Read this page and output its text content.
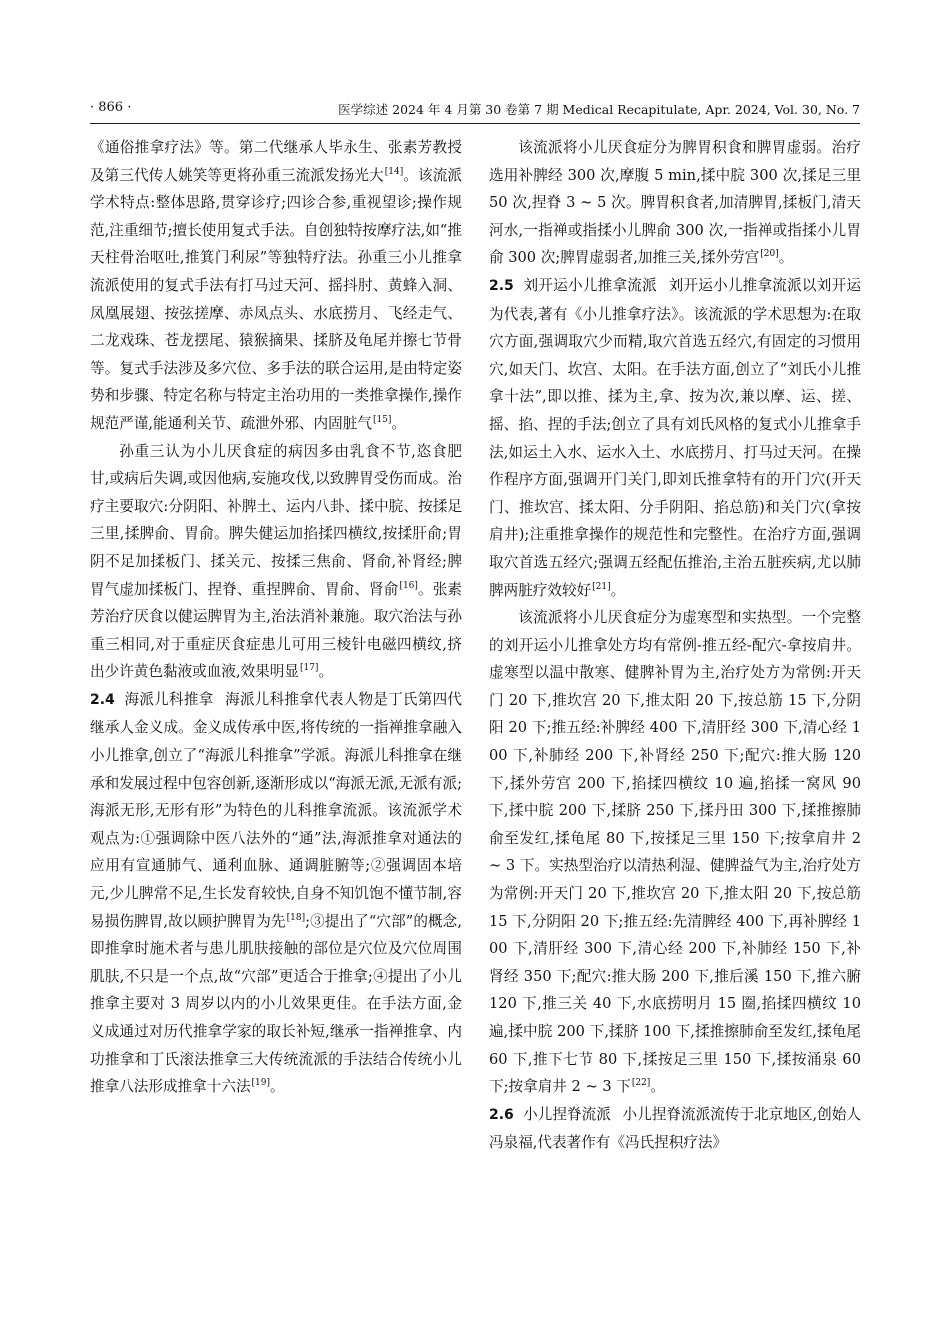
· 866 ·	医学综述 2024 年 4 月第 30 卷第 7 期 Medical Recapitulate, Apr. 2024, Vol. 30, No. 7

《通俗推拿疗法》等。第二代继承人毕永生、张素芳教授及第三代传人姚笑等更将孙重三流派发扬光大[14]。该流派学术特点:整体思路,贯穿诊疗;四诊合参,重视望诊;操作规范,注重细节;擅长使用复式手法。自创独特按摩疗法,如“推天柱骨治呕吐,推箕门利尿”等独特疗法。孙重三小儿推拿流派使用的复式手法有打马过天河、摇抖肘、黄蜂入洞、凤凰展翅、按弦搓摩、赤凤点头、水底捞月、飞经走气、二龙戏珠、苍龙摆尾、猿猴摘果、揉脐及龟尾并擦七节骨等。复式手法涉及多穴位、多手法的联合运用,是由特定姿势和步骤、特定名称与特定主治功用的一类推拿操作,操作规范严谨,能通利关节、疏泄外邪、内固脏气[15]。

孙重三认为小儿厌食症的病因多由乳食不节,恣食肥甘,或病后失调,或因他病,妄施攻伐,以致脾胃受伤而成。治疗主要取穴:分阴阳、补脾土、运内八卦、揉中脘、按揉足三里,揉脾俞、胃俞。脾失健运加掐揉四横纹,按揉肝俞;胃阴不足加揉板门、揉关元、按揉三焦俞、肾俞,补肾经;脾胃气虚加揉板门、捏脊、重捏脾俞、胃俞、肾俞[16]。张素芳治疗厌食以健运脾胃为主,治法消补兼施。取穴治法与孙重三相同,对于重症厌食症患儿可用三棱针电磁四横纹,挤出少许黄色黏液或血液,效果明显[17]。

2.4 海派儿科推拿 海派儿科推拿代表人物是丁氏第四代继承人金义成。金义成传承中医,将传统的一指禅推拿融入小儿推拿,创立了“海派儿科推拿”学派。海派儿科推拿在继承和发展过程中包容创新,逐渐形成以“海派无派,无派有派;海派无形,无形有形”为特色的儿科推拿流派。该流派学术观点为:①强调除中医八法外的“通”法,海派推拿对通法的应用有宣通肺气、通利血脉、通调脏腑等;②强调固本培元,少儿脾常不足,生长发育较快,自身不知饥饱不懂节制,容易损伤脾胃,故以顾护脾胃为先[18];③提出了“穴部”的概念,即推拿时施术者与患儿肌肤接触的部位是穴位及穴位周围肌肤,不只是一个点,故“穴部”更适合于推拿;④提出了小儿推拿主要对 3 周岁以内的小儿效果更佳。在手法方面,金义成通过对历代推拿学家的取长补短,继承一指禅推拿、内功推拿和丁氏滚法推拿三大传统流派的手法结合传统小儿推拿八法形成推拿十六法[19]。

该流派将小儿厌食症分为脾胃积食和脾胃虚弱。治疗选用补脾经 300 次,摩腹 5 min,揉中脘 300 次,揉足三里 50 次,捏脊 3 ~ 5 次。脾胃积食者,加清脾胃,揉板门,清天河水,一指禅或指揉小儿脾俞 300 次,一指禅或指揉小儿胃俞 300 次;脾胃虚弱者,加推三关,揉外劳宫[20]。

2.5 刘开运小儿推拿流派 刘开运小儿推拿流派以刘开运为代表,著有《小儿推拿疗法》。该流派的学术思想为:在取穴方面,强调取穴少而精,取穴首选五经穴,有固定的习惯用穴,如天门、坎宫、太阳。在手法方面,创立了“刘氏小儿推拿十法”,即以推、揉为主,拿、按为次,兼以摩、运、搓、摇、掐、捏的手法;创立了具有刘氏风格的复式小儿推拿手法,如运土入水、运水入土、水底捞月、打马过天河。在操作程序方面,强调开门关门,即刘氏推拿特有的开门穴(开天门、推坎宫、揉太阳、分手阴阳、掐总筋)和关门穴(拿按肩井);注重推拿操作的规范性和完整性。在治疗方面,强调取穴首选五经穴;强调五经配伍推治,主治五脏疾病,尤以肺脾两脏疗效较好[21]。

该流派将小儿厌食症分为虚寒型和实热型。一个完整的刘开运小儿推拿处方均有常例-推五经-配穴-拿按肩井。虚寒型以温中散寒、健脾补胃为主,治疗处方为常例:开天门 20 下,推坎宫 20 下,推太阳 20 下,按总筋 15 下,分阴阳 20 下;推五经:补脾经 400 下,清肝经 300 下,清心经 100 下,补肺经 200 下,补肾经 250 下;配穴:推大肠 120 下,揉外劳宫 200 下,掐揉四横纹 10 遍,掐揉一窝风 90 下,揉中脘 200 下,揉脐 250 下,揉丹田 300 下,揉推擦肺俞至发红,揉龟尾 80 下,按揉足三里 150 下;按拿肩井 2 ~ 3 下。实热型治疗以清热利湿、健脾益气为主,治疗处方为常例:开天门 20 下,推坎宫 20 下,推太阳 20 下,按总筋 15 下,分阴阳 20 下;推五经:先清脾经 400 下,再补脾经 100 下,清肝经 300 下,清心经 200 下,补肺经 150 下,补肾经 350 下;配穴:推大肠 200 下,推后溪 150 下,推六腑 120 下,推三关 40 下,水底捞明月 15 圈,掐揉四横纹 10 遍,揉中脘 200 下,揉脐 100 下,揉推擦肺俞至发红,揉龟尾 60 下,推下七节 80 下,揉按足三里 150 下,揉按涌泉 60 下;按拿肩井 2 ~ 3 下[22]。

2.6 小儿捏脊流派 小儿捏脊流派流传于北京地区,创始人冯泉福,代表著作有《冯氏捏积疗法》
